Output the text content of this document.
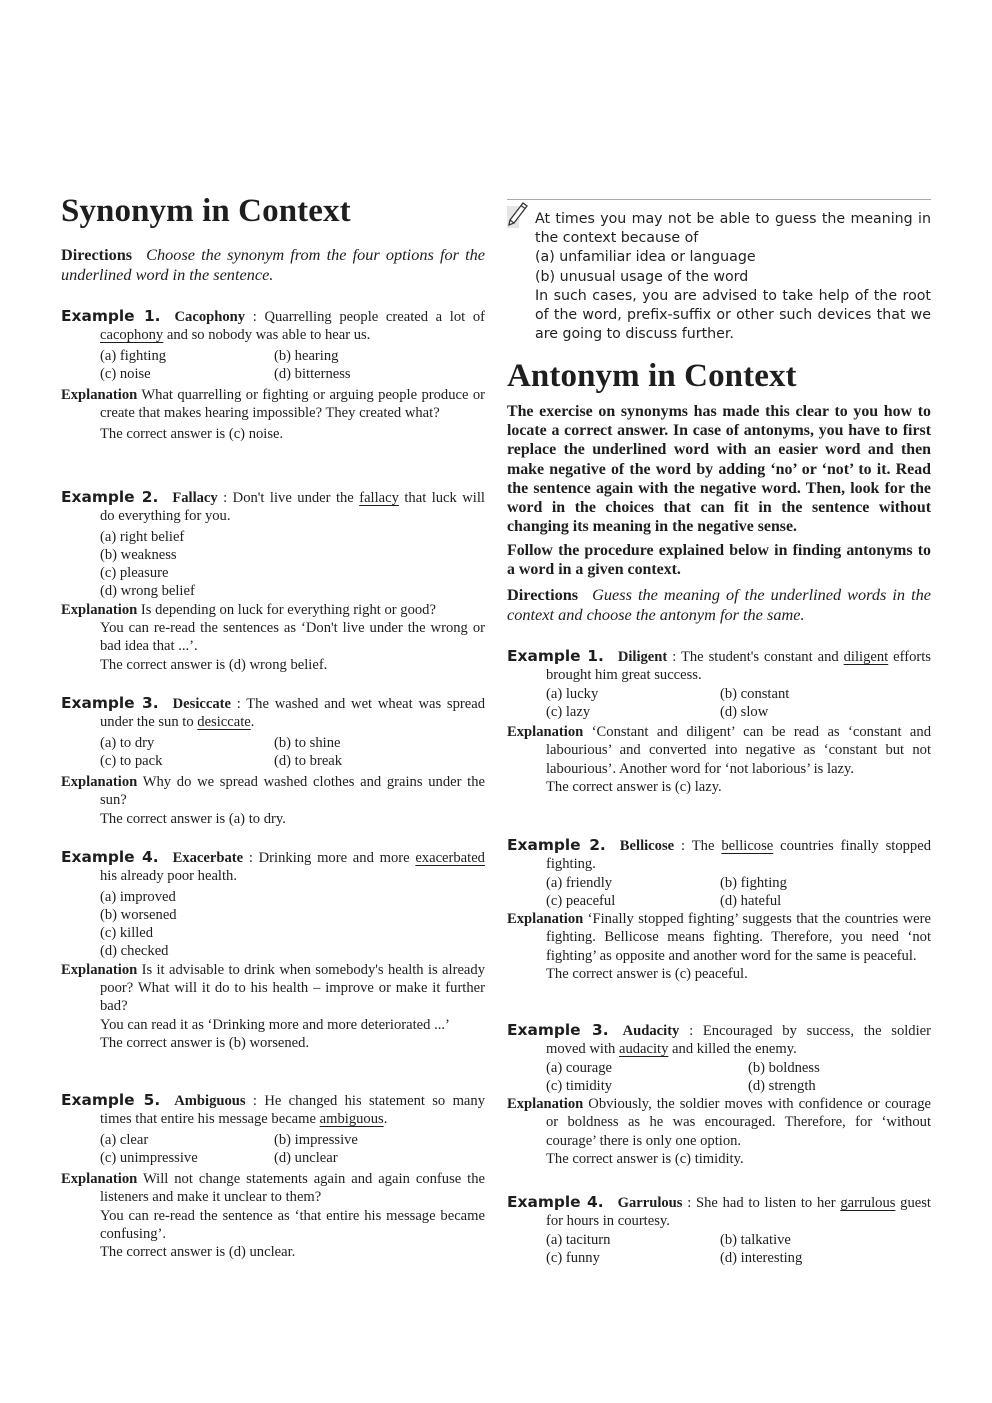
Synonym in Context

Directions Choose the synonym from the four options for the underlined word in the sentence.

Example 1. Cacophony : Quarrelling people created a lot of cacophony and so nobody was able to hear us.

(a) fighting	(b) hearing
(c) noise	(d) bitterness

Explanation What quarrelling or fighting or arguing people produce or create that makes hearing impossible? They created what?

The correct answer is (c) noise.

Example 2. Fallacy : Don't live under the fallacy that luck will do everything for you.

(a) right belief
(b) weakness
(c) pleasure
(d) wrong belief

Explanation Is depending on luck for everything right or good?

You can re-read the sentences as ‘Don't live under the wrong or bad idea that ...’.

The correct answer is (d) wrong belief.

Example 3. Desiccate : The washed and wet wheat was spread under the sun to desiccate.

(a) to dry	(b) to shine
(c) to pack	(d) to break

Explanation Why do we spread washed clothes and grains under the sun?

The correct answer is (a) to dry.

Example 4. Exacerbate : Drinking more and more exacerbated his already poor health.

(a) improved
(b) worsened
(c) killed
(d) checked

Explanation Is it advisable to drink when somebody's health is already poor? What will it do to his health – improve or make it further bad?

You can read it as ‘Drinking more and more deteriorated ...’

The correct answer is (b) worsened.

Example 5. Ambiguous : He changed his statement so many times that entire his message became ambiguous.

(a) clear	(b) impressive
(c) unimpressive	(d) unclear

Explanation Will not change statements again and again confuse the listeners and make it unclear to them?

You can re-read the sentence as ‘that entire his message became confusing’.

The correct answer is (d) unclear.

At times you may not be able to guess the meaning in the context because of

(a) unfamiliar idea or language

(b) unusual usage of the word

In such cases, you are advised to take help of the root of the word, prefix-suffix or other such devices that we are going to discuss further.

Antonym in Context

The exercise on synonyms has made this clear to you how to locate a correct answer. In case of antonyms, you have to first replace the underlined word with an easier word and then make negative of the word by adding ‘no’ or ‘not’ to it. Read the sentence again with the negative word. Then, look for the word in the choices that can fit in the sentence without changing its meaning in the negative sense.

Follow the procedure explained below in finding antonyms to a word in a given context.

Directions Guess the meaning of the underlined words in the context and choose the antonym for the same.

Example 1. Diligent : The student's constant and diligent efforts brought him great success.

(a) lucky	(b) constant
(c) lazy	(d) slow

Explanation ‘Constant and diligent’ can be read as ‘constant and labourious’ and converted into negative as ‘constant but not labourious’. Another word for ‘not laborious’ is lazy.

The correct answer is (c) lazy.

Example 2. Bellicose : The bellicose countries finally stopped fighting.

(a) friendly	(b) fighting
(c) peaceful	(d) hateful

Explanation ‘Finally stopped fighting’ suggests that the countries were fighting. Bellicose means fighting. Therefore, you need ‘not fighting’ as opposite and another word for the same is peaceful.

The correct answer is (c) peaceful.

Example 3. Audacity : Encouraged by success, the soldier moved with audacity and killed the enemy.

(a) courage	(b) boldness
(c) timidity	(d) strength

Explanation Obviously, the soldier moves with confidence or courage or boldness as he was encouraged. Therefore, for ‘without courage’ there is only one option.

The correct answer is (c) timidity.

Example 4. Garrulous : She had to listen to her garrulous guest for hours in courtesy.

(a) taciturn	(b) talkative
(c) funny	(d) interesting
